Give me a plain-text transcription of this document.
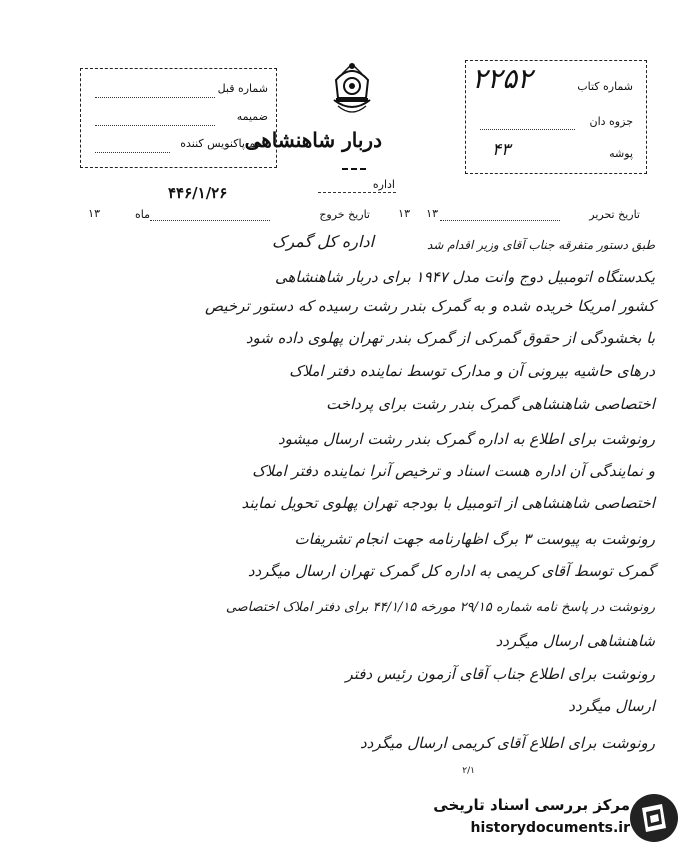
شماره قبل
ضمیمه
اسم پاکنویس کننده
دربار شاهنشاهی
اداره
شماره کتاب
۲۲۵۲
جزوه دان
پوشه
۴۳
تاریخ تحریر
۱۳ ۱۳
تاریخ خروج
ماه
۱۳
۴۴۶/۱/۲۶
اداره کل گمرک	طبق دستور متفرقه جناب آقای وزیر اقدام شد
یکدستگاه اتومبیل دوج وانت مدل ۱۹۴۷ برای دربار شاهنشاهی
کشور امریکا خریده شده و به گمرک بندر رشت رسیده که دستور ترخیص
با بخشودگی از حقوق گمرکی از گمرک بندر تهران پهلوی داده شود
درهای حاشیه بیرونی آن و مدارک توسط نماینده دفتر املاک
اختصاصی شاهنشاهی گمرک بندر رشت برای پرداخت
رونوشت برای اطلاع به اداره گمرک بندر رشت ارسال میشود
و نمایندگی آن اداره هست اسناد و ترخیص آنرا نماینده دفتر املاک
اختصاصی شاهنشاهی از اتومبیل با بودجه تهران پهلوی تحویل نمایند
رونوشت به پیوست ۳ برگ اظهارنامه جهت انجام تشریفات
گمرک توسط آقای کریمی به اداره کل گمرک تهران ارسال میگردد
رونوشت در پاسخ نامه شماره ۲۹/۱۵ مورخه ۴۴/۱/۱۵ برای دفتر املاک اختصاصی
شاهنشاهی ارسال میگردد
رونوشت برای اطلاع جناب آقای آزمون رئیس دفتر
ارسال میگردد
رونوشت برای اطلاع آقای کریمی ارسال میگردد
۲/۱
مرکز بررسی اسناد تاریخی
historydocuments.ir
